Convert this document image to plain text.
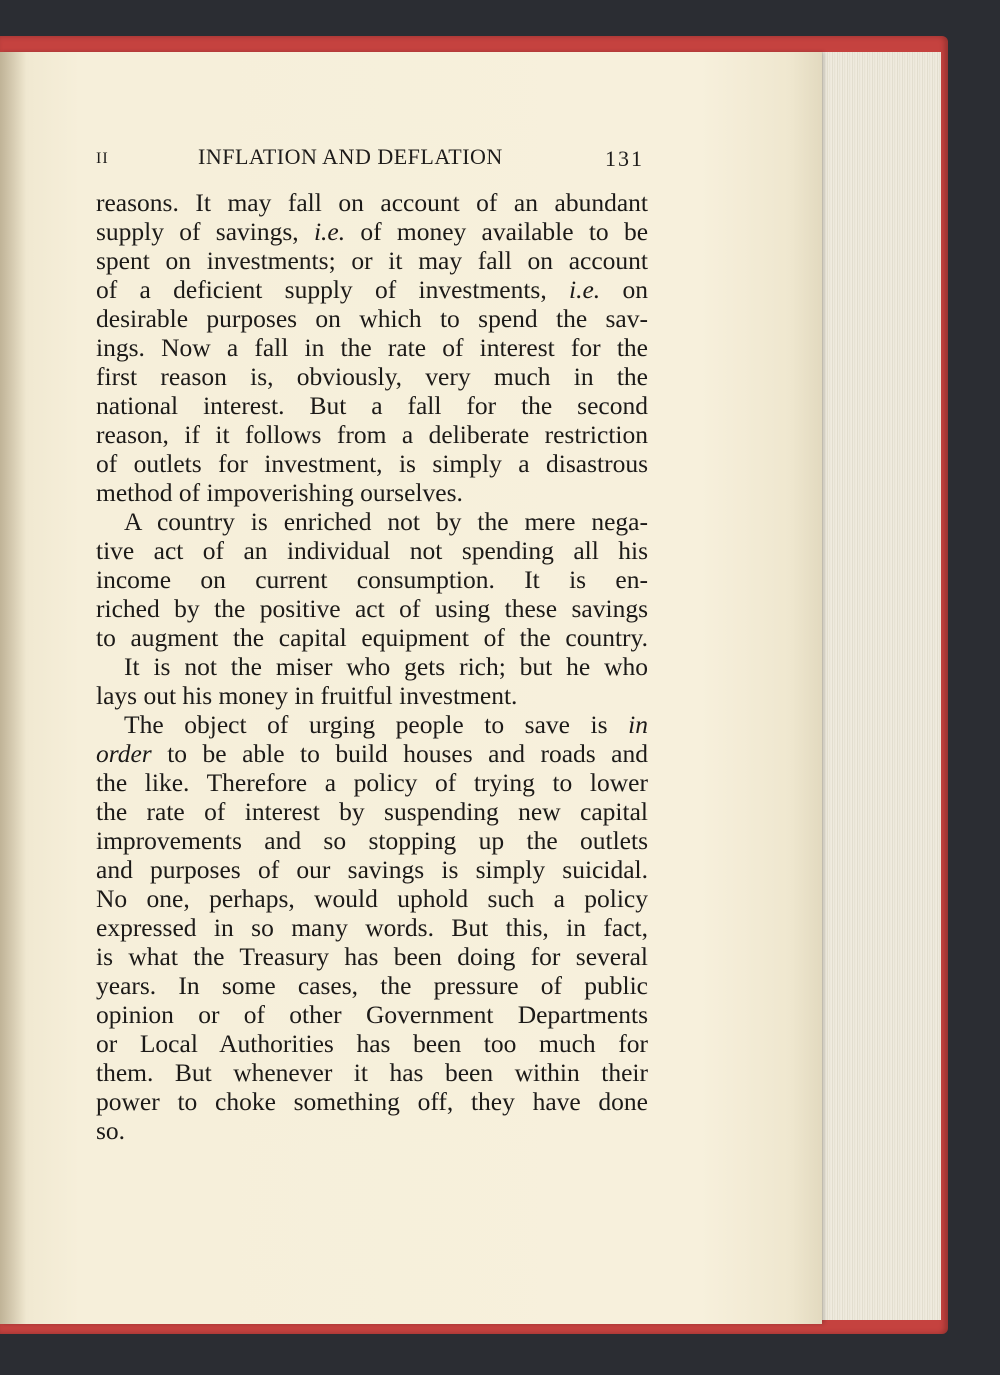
II	INFLATION AND DEFLATION	131
reasons. It may fall on account of an abundant
supply of savings, i.e. of money available to be
spent on investments; or it may fall on account
of a deficient supply of investments, i.e. on
desirable purposes on which to spend the sav-
ings. Now a fall in the rate of interest for the
first reason is, obviously, very much in the
national interest. But a fall for the second
reason, if it follows from a deliberate restriction
of outlets for investment, is simply a disastrous
method of impoverishing ourselves.
A country is enriched not by the mere nega-
tive act of an individual not spending all his
income on current consumption. It is en-
riched by the positive act of using these savings
to augment the capital equipment of the country.
It is not the miser who gets rich; but he who
lays out his money in fruitful investment.
The object of urging people to save is in
order to be able to build houses and roads and
the like. Therefore a policy of trying to lower
the rate of interest by suspending new capital
improvements and so stopping up the outlets
and purposes of our savings is simply suicidal.
No one, perhaps, would uphold such a policy
expressed in so many words. But this, in fact,
is what the Treasury has been doing for several
years. In some cases, the pressure of public
opinion or of other Government Departments
or Local Authorities has been too much for
them. But whenever it has been within their
power to choke something off, they have done
so.
